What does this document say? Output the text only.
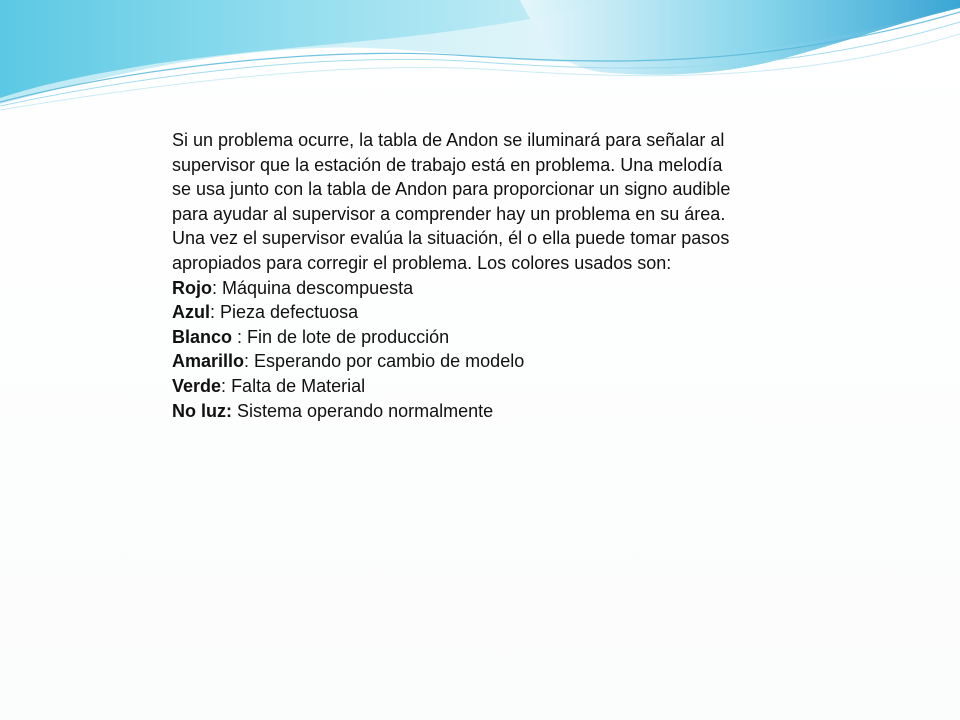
Si un problema ocurre, la tabla de Andon se iluminará para señalar al supervisor que la estación de trabajo está en problema. Una melodía se usa junto con la tabla de Andon para proporcionar un signo audible para ayudar al supervisor a comprender hay un problema en su área. Una vez el supervisor evalúa la situación, él o ella puede tomar pasos apropiados para corregir el problema. Los colores usados son:

Rojo: Máquina descompuesta

Azul: Pieza defectuosa

Blanco : Fin de lote de producción

Amarillo: Esperando por cambio de modelo

Verde: Falta de Material

No luz: Sistema operando normalmente
